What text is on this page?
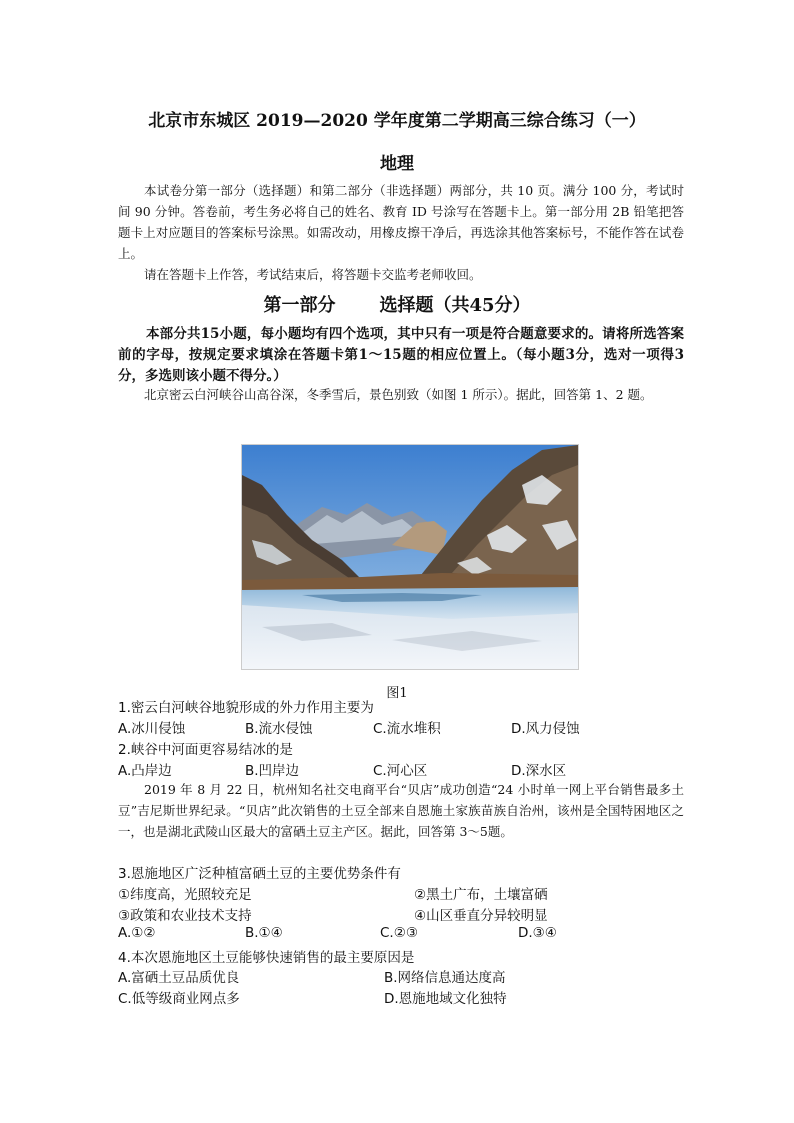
北京市东城区 2019—2020 学年度第二学期高三综合练习（一）
地理
本试卷分第一部分（选择题）和第二部分（非选择题）两部分，共 10 页。满分 100 分，考试时间 90 分钟。答卷前，考生务必将自己的姓名、教育 ID 号涂写在答题卡上。第一部分用 2B 铅笔把答题卡上对应题目的答案标号涂黑。如需改动，用橡皮擦干净后，再选涂其他答案标号，不能作答在试卷上。
请在答题卡上作答，考试结束后，将答题卡交监考老师收回。
第一部分 选择题（共45分）
本部分共15小题，每小题均有四个选项，其中只有一项是符合题意要求的。请将所选答案前的字母，按规定要求填涂在答题卡第1～15题的相应位置上。（每小题3分，选对一项得3分，多选则该小题不得分。）
北京密云白河峡谷山高谷深，冬季雪后，景色别致（如图 1 所示）。据此，回答第 1、2 题。
图1
1.密云白河峡谷地貌形成的外力作用主要为
A.冰川侵蚀	B.流水侵蚀	C.流水堆积	D.风力侵蚀
2.峡谷中河面更容易结冰的是
A.凸岸边	B.凹岸边	C.河心区	D.深水区
2019 年 8 月 22 日，杭州知名社交电商平台“贝店”成功创造“24 小时单一网上平台销售最多土豆”吉尼斯世界纪录。“贝店”此次销售的土豆全部来自恩施土家族苗族自治州，该州是全国特困地区之一，也是湖北武陵山区最大的富硒土豆主产区。据此，回答第 3～5题。
3.恩施地区广泛种植富硒土豆的主要优势条件有
①纬度高，光照较充足	②黑土广布，土壤富硒
③政策和农业技术支持	④山区垂直分异较明显
A.①②	B.①④	C.②③	D.③④
4.本次恩施地区土豆能够快速销售的最主要原因是
A.富硒土豆品质优良	B.网络信息通达度高
C.低等级商业网点多	D.恩施地域文化独特
